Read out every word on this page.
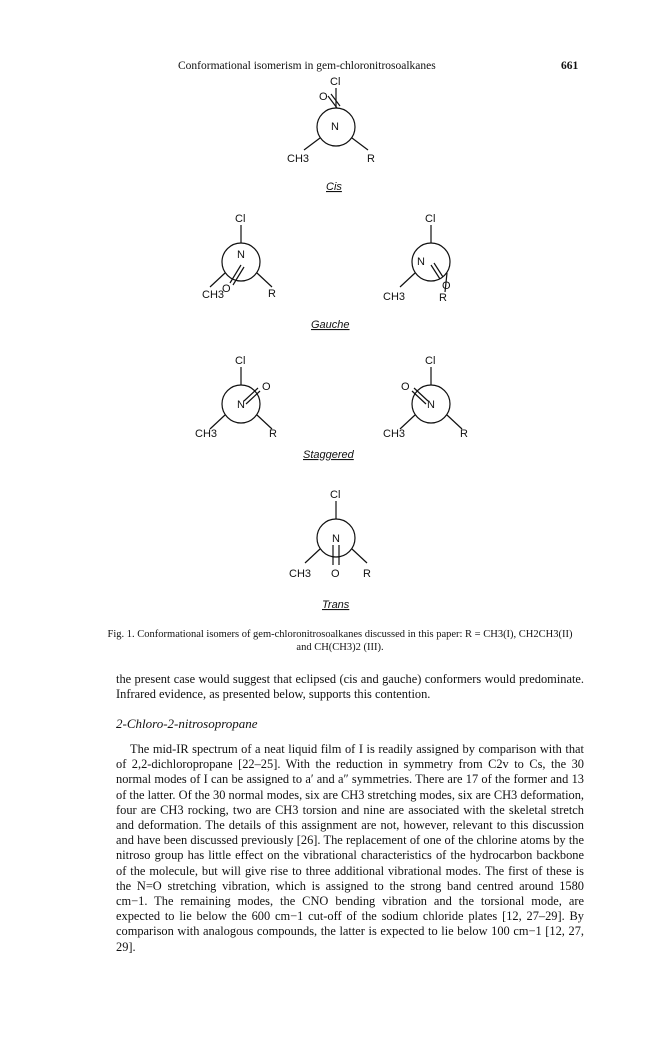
Conformational isomerism in gem-chloronitrosoalkanes	661
Cl
O
N
CH3	R
Cl
N
O
CH3	R
Cl
N
O
CH3	R
Gauche
Cl
N
O
CH3	R
Cl
N
O
CH3	R
Staggered
Cl
N
O
CH3	R
Trans
Cis
Fig. 1. Conformational isomers of gem-chloronitrosoalkanes discussed in this paper: R = CH3(I), CH2CH3(II) and CH(CH3)2 (III).
the present case would suggest that eclipsed (cis and gauche) conformers would predominate. Infrared evidence, as presented below, supports this contention.
2-Chloro-2-nitrosopropane
The mid-IR spectrum of a neat liquid film of I is readily assigned by comparison with that of 2,2-dichloropropane [22–25]. With the reduction in symmetry from C2v to Cs, the 30 normal modes of I can be assigned to a′ and a″ symmetries. There are 17 of the former and 13 of the latter. Of the 30 normal modes, six are CH3 stretching modes, six are CH3 deformation, four are CH3 rocking, two are CH3 torsion and nine are associated with the skeletal stretch and deformation. The details of this assignment are not, however, relevant to this discussion and have been discussed previously [26]. The replacement of one of the chlorine atoms by the nitroso group has little effect on the vibrational characteristics of the hydrocarbon backbone of the molecule, but will give rise to three additional vibrational modes. The first of these is the N=O stretching vibration, which is assigned to the strong band centred around 1580 cm−1. The remaining modes, the CNO bending vibration and the torsional mode, are expected to lie below the 600 cm−1 cut-off of the sodium chloride plates [12, 27–29]. By comparison with analogous compounds, the latter is expected to lie below 100 cm−1 [12, 27, 29].
